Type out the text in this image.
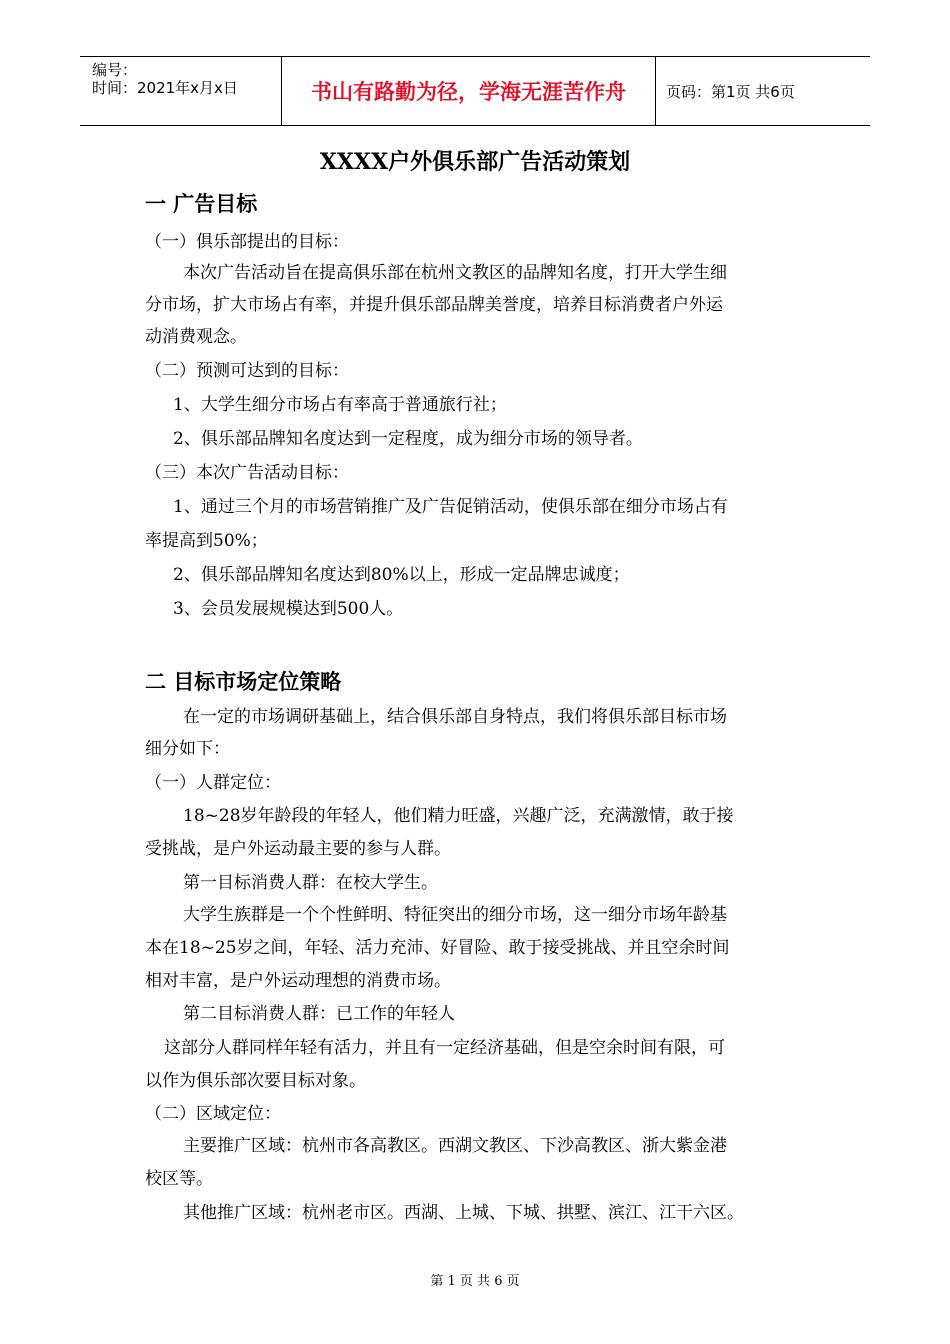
编号：
时间：2021年x月x日	书山有路勤为径，学海无涯苦作舟	页码：第1页 共6页
XXXX户外俱乐部广告活动策划
一 广告目标
（一）俱乐部提出的目标：
本次广告活动旨在提高俱乐部在杭州文教区的品牌知名度，打开大学生细
分市场，扩大市场占有率，并提升俱乐部品牌美誉度，培养目标消费者户外运
动消费观念。
（二）预测可达到的目标：
1、大学生细分市场占有率高于普通旅行社；
2、俱乐部品牌知名度达到一定程度，成为细分市场的领导者。
（三）本次广告活动目标：
1、通过三个月的市场营销推广及广告促销活动，使俱乐部在细分市场占有
率提高到50%；
2、俱乐部品牌知名度达到80%以上，形成一定品牌忠诚度；
3、会员发展规模达到500人。
二 目标市场定位策略
在一定的市场调研基础上，结合俱乐部自身特点，我们将俱乐部目标市场
细分如下：
（一）人群定位：
18~28岁年龄段的年轻人，他们精力旺盛，兴趣广泛，充满激情，敢于接
受挑战，是户外运动最主要的参与人群。
第一目标消费人群：在校大学生。
大学生族群是一个个性鲜明、特征突出的细分市场，这一细分市场年龄基
本在18~25岁之间，年轻、活力充沛、好冒险、敢于接受挑战、并且空余时间
相对丰富，是户外运动理想的消费市场。
第二目标消费人群：已工作的年轻人
这部分人群同样年轻有活力，并且有一定经济基础，但是空余时间有限，可
以作为俱乐部次要目标对象。
（二）区域定位：
主要推广区域：杭州市各高教区。西湖文教区、下沙高教区、浙大紫金港
校区等。
其他推广区域：杭州老市区。西湖、上城、下城、拱墅、滨江、江干六区。
第 1 页 共 6 页
